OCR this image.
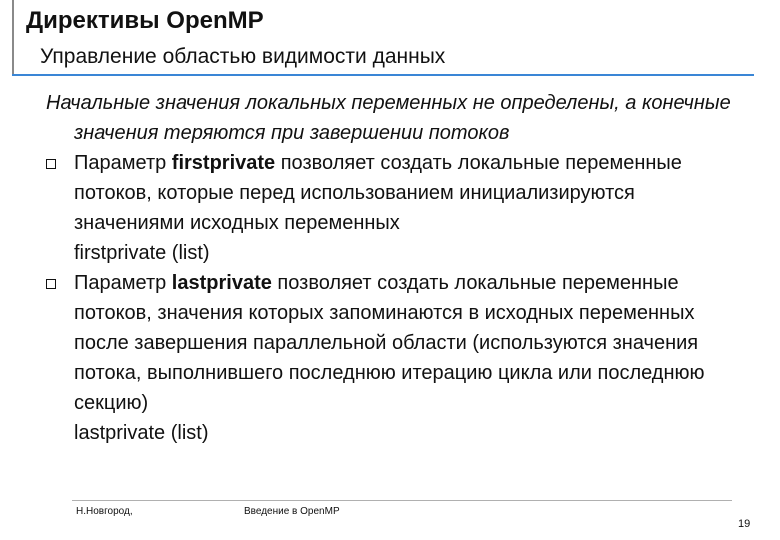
Директивы OpenMP
Управление областью видимости данных

Начальные значения локальных переменных не определены, а конечные значения теряются при завершении потоков

Параметр firstprivate позволяет создать локальные переменные потоков, которые перед использованием инициализируются значениями исходных переменных
firstprivate (list)
Параметр lastprivate позволяет создать локальные переменные потоков, значения которых запоминаются в исходных переменных после завершения параллельной области (используются значения потока, выполнившего последнюю итерацию цикла или последнюю секцию)
lastprivate (list)
Н.Новгород,	Введение в OpenMP
19
